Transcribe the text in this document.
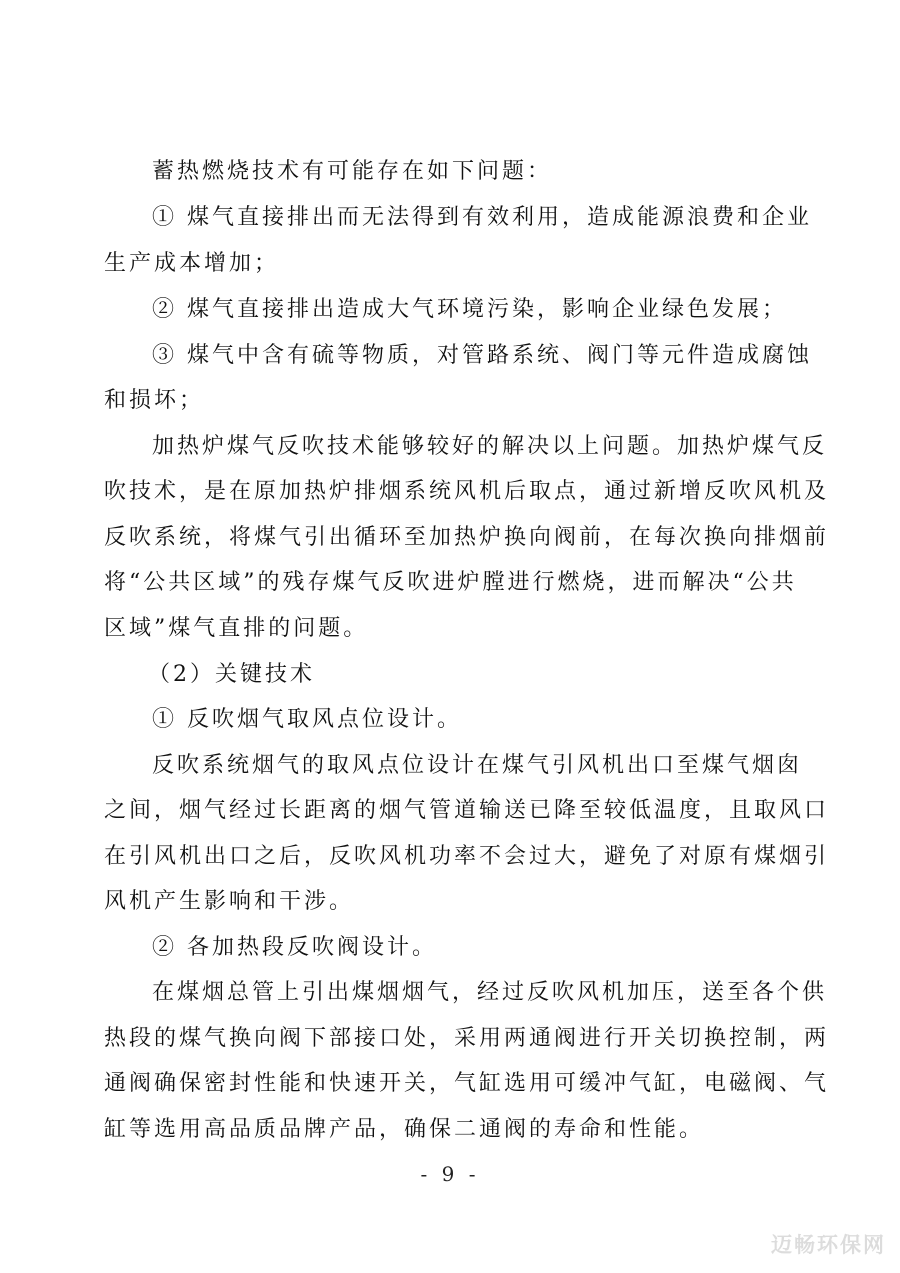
蓄热燃烧技术有可能存在如下问题：
① 煤气直接排出而无法得到有效利用，造成能源浪费和企业
生产成本增加；
② 煤气直接排出造成大气环境污染，影响企业绿色发展；
③ 煤气中含有硫等物质，对管路系统、阀门等元件造成腐蚀
和损坏；
加热炉煤气反吹技术能够较好的解决以上问题。加热炉煤气反
吹技术，是在原加热炉排烟系统风机后取点，通过新增反吹风机及
反吹系统，将煤气引出循环至加热炉换向阀前，在每次换向排烟前
将“公共区域”的残存煤气反吹进炉膛进行燃烧，进而解决“公共
区域”煤气直排的问题。
（2）关键技术
① 反吹烟气取风点位设计。
反吹系统烟气的取风点位设计在煤气引风机出口至煤气烟囱
之间，烟气经过长距离的烟气管道输送已降至较低温度，且取风口
在引风机出口之后，反吹风机功率不会过大，避免了对原有煤烟引
风机产生影响和干涉。
② 各加热段反吹阀设计。
在煤烟总管上引出煤烟烟气，经过反吹风机加压，送至各个供
热段的煤气换向阀下部接口处，采用两通阀进行开关切换控制，两
通阀确保密封性能和快速开关，气缸选用可缓冲气缸，电磁阀、气
缸等选用高品质品牌产品，确保二通阀的寿命和性能。
- 9 -
迈畅环保网
